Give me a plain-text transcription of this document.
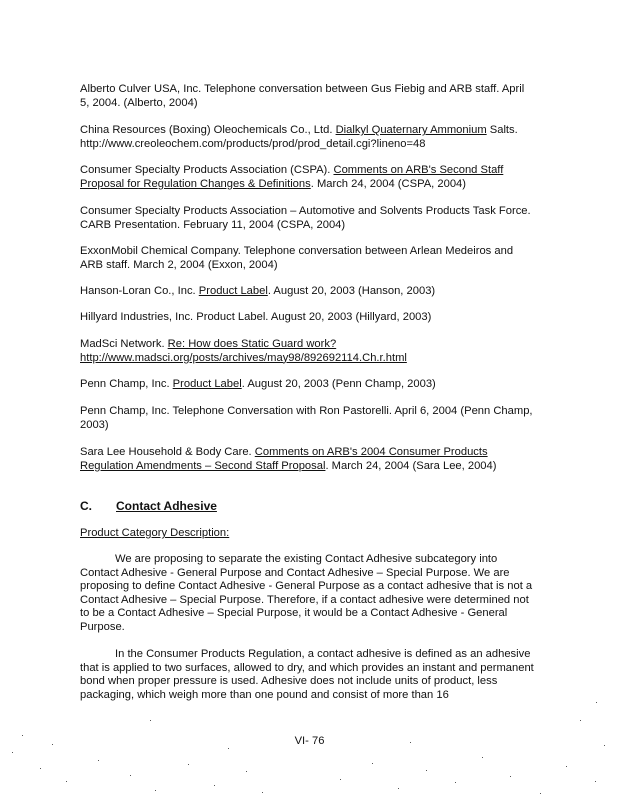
Alberto Culver USA, Inc. Telephone conversation between Gus Fiebig and ARB staff. April 5, 2004. (Alberto, 2004)
China Resources (Boxing) Oleochemicals Co., Ltd. Dialkyl Quaternary Ammonium Salts. http://www.creoleochem.com/products/prod/prod_detail.cgi?lineno=48
Consumer Specialty Products Association (CSPA). Comments on ARB's Second Staff Proposal for Regulation Changes & Definitions. March 24, 2004 (CSPA, 2004)
Consumer Specialty Products Association – Automotive and Solvents Products Task Force. CARB Presentation. February 11, 2004 (CSPA, 2004)
ExxonMobil Chemical Company. Telephone conversation between Arlean Medeiros and ARB staff. March 2, 2004 (Exxon, 2004)
Hanson-Loran Co., Inc. Product Label. August 20, 2003 (Hanson, 2003)
Hillyard Industries, Inc. Product Label. August 20, 2003 (Hillyard, 2003)
MadSci Network. Re: How does Static Guard work? http://www.madsci.org/posts/archives/may98/892692114.Ch.r.html
Penn Champ, Inc. Product Label. August 20, 2003 (Penn Champ, 2003)
Penn Champ, Inc. Telephone Conversation with Ron Pastorelli. April 6, 2004 (Penn Champ, 2003)
Sara Lee Household & Body Care. Comments on ARB's 2004 Consumer Products Regulation Amendments – Second Staff Proposal. March 24, 2004 (Sara Lee, 2004)
C. Contact Adhesive
Product Category Description:
We are proposing to separate the existing Contact Adhesive subcategory into Contact Adhesive - General Purpose and Contact Adhesive – Special Purpose. We are proposing to define Contact Adhesive - General Purpose as a contact adhesive that is not a Contact Adhesive – Special Purpose. Therefore, if a contact adhesive were determined not to be a Contact Adhesive – Special Purpose, it would be a Contact Adhesive - General Purpose.
In the Consumer Products Regulation, a contact adhesive is defined as an adhesive that is applied to two surfaces, allowed to dry, and which provides an instant and permanent bond when proper pressure is used. Adhesive does not include units of product, less packaging, which weigh more than one pound and consist of more than 16
VI- 76
